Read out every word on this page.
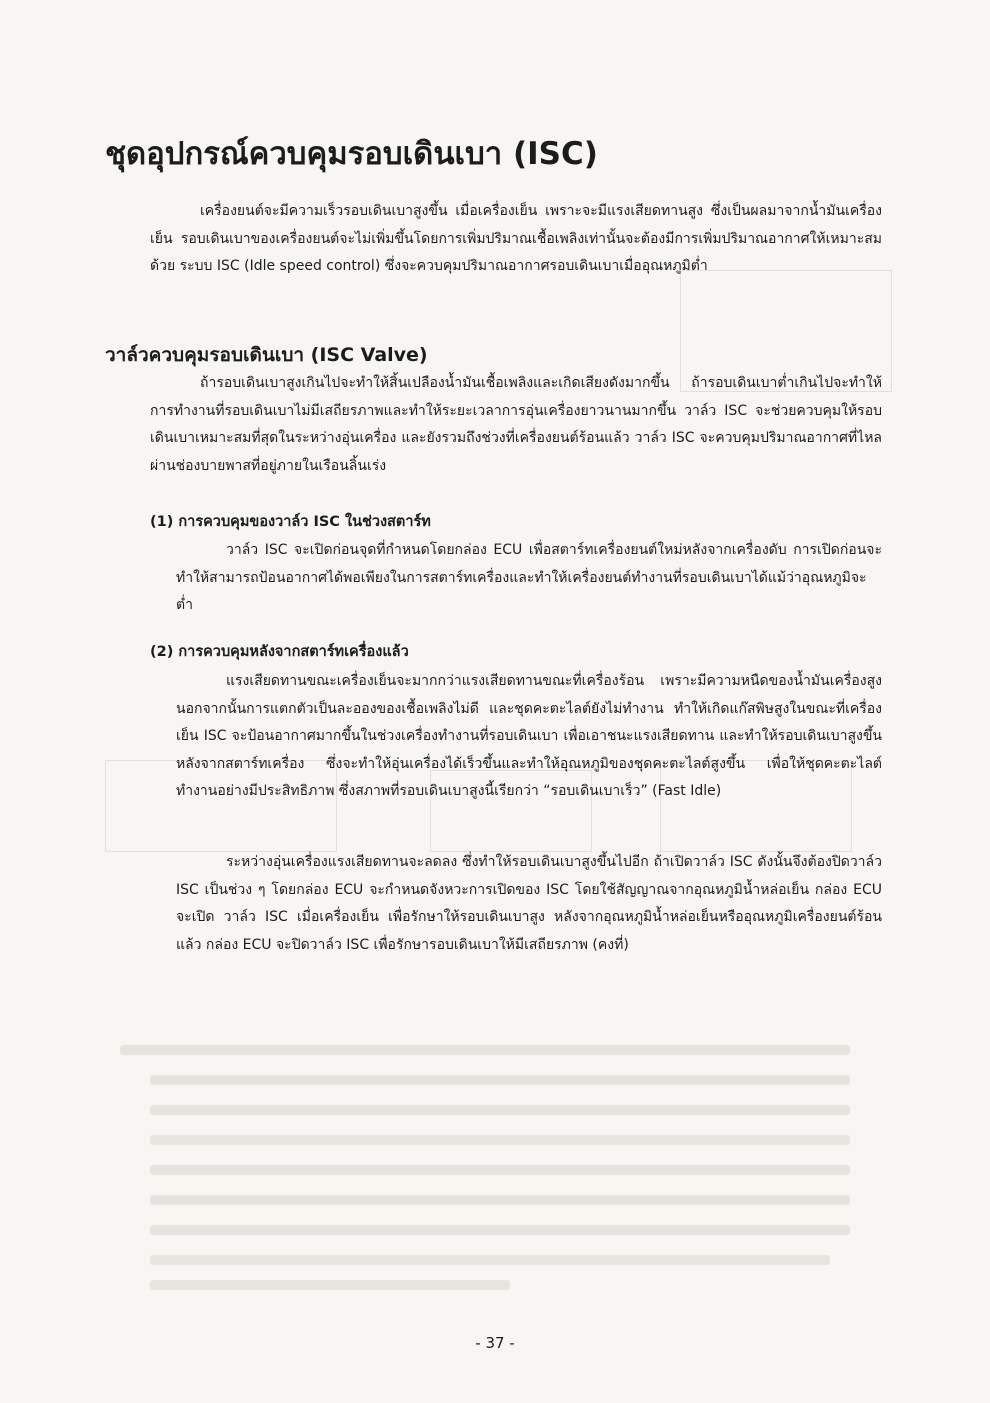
ชุดอุปกรณ์ควบคุมรอบเดินเบา (ISC)

เครื่องยนต์จะมีความเร็วรอบเดินเบาสูงขึ้น เมื่อเครื่องเย็น เพราะจะมีแรงเสียดทานสูง ซึ่งเป็นผลมาจากน้ำมันเครื่องเย็น รอบเดินเบาของเครื่องยนต์จะไม่เพิ่มขึ้นโดยการเพิ่มปริมาณเชื้อเพลิงเท่านั้นจะต้องมีการเพิ่มปริมาณอากาศให้เหมาะสมด้วย ระบบ ISC (Idle speed control) ซึ่งจะควบคุมปริมาณอากาศรอบเดินเบาเมื่ออุณหภูมิต่ำ

วาล์วควบคุมรอบเดินเบา (ISC Valve)

ถ้ารอบเดินเบาสูงเกินไปจะทำให้สิ้นเปลืองน้ำมันเชื้อเพลิงและเกิดเสียงดังมากขึ้น ถ้ารอบเดินเบาต่ำเกินไปจะทำให้การทำงานที่รอบเดินเบาไม่มีเสถียรภาพและทำให้ระยะเวลาการอุ่นเครื่องยาวนานมากขึ้น วาล์ว ISC จะช่วยควบคุมให้รอบเดินเบาเหมาะสมที่สุดในระหว่างอุ่นเครื่อง และยังรวมถึงช่วงที่เครื่องยนต์ร้อนแล้ว วาล์ว ISC จะควบคุมปริมาณอากาศที่ไหลผ่านช่องบายพาสที่อยู่ภายในเรือนลิ้นเร่ง

(1) การควบคุมของวาล์ว ISC ในช่วงสตาร์ท

วาล์ว ISC จะเปิดก่อนจุดที่กำหนดโดยกล่อง ECU เพื่อสตาร์ทเครื่องยนต์ใหม่หลังจากเครื่องดับ การเปิดก่อนจะทำให้สามารถป้อนอากาศได้พอเพียงในการสตาร์ทเครื่องและทำให้เครื่องยนต์ทำงานที่รอบเดินเบาได้แม้ว่าอุณหภูมิจะต่ำ

(2) การควบคุมหลังจากสตาร์ทเครื่องแล้ว

แรงเสียดทานขณะเครื่องเย็นจะมากกว่าแรงเสียดทานขณะที่เครื่องร้อน เพราะมีความหนืดของน้ำมันเครื่องสูง นอกจากนั้นการแตกตัวเป็นละอองของเชื้อเพลิงไม่ดี และชุดคะตะไลต์ยังไม่ทำงาน ทำให้เกิดแก๊สพิษสูงในขณะที่เครื่องเย็น ISC จะป้อนอากาศมากขึ้นในช่วงเครื่องทำงานที่รอบเดินเบา เพื่อเอาชนะแรงเสียดทาน และทำให้รอบเดินเบาสูงขึ้นหลังจากสตาร์ทเครื่อง ซึ่งจะทำให้อุ่นเครื่องได้เร็วขึ้นและทำให้อุณหภูมิของชุดคะตะไลต์สูงขึ้น เพื่อให้ชุดคะตะไลต์ทำงานอย่างมีประสิทธิภาพ ซึ่งสภาพที่รอบเดินเบาสูงนี้เรียกว่า “รอบเดินเบาเร็ว” (Fast Idle)

ระหว่างอุ่นเครื่องแรงเสียดทานจะลดลง ซึ่งทำให้รอบเดินเบาสูงขึ้นไปอีก ถ้าเปิดวาล์ว ISC ดังนั้นจึงต้องปิดวาล์ว ISC เป็นช่วง ๆ โดยกล่อง ECU จะกำหนดจังหวะการเปิดของ ISC โดยใช้สัญญาณจากอุณหภูมิน้ำหล่อเย็น กล่อง ECU จะเปิด วาล์ว ISC เมื่อเครื่องเย็น เพื่อรักษาให้รอบเดินเบาสูง หลังจากอุณหภูมิน้ำหล่อเย็นหรืออุณหภูมิเครื่องยนต์ร้อนแล้ว กล่อง ECU จะปิดวาล์ว ISC เพื่อรักษารอบเดินเบาให้มีเสถียรภาพ (คงที่)

- 37 -
